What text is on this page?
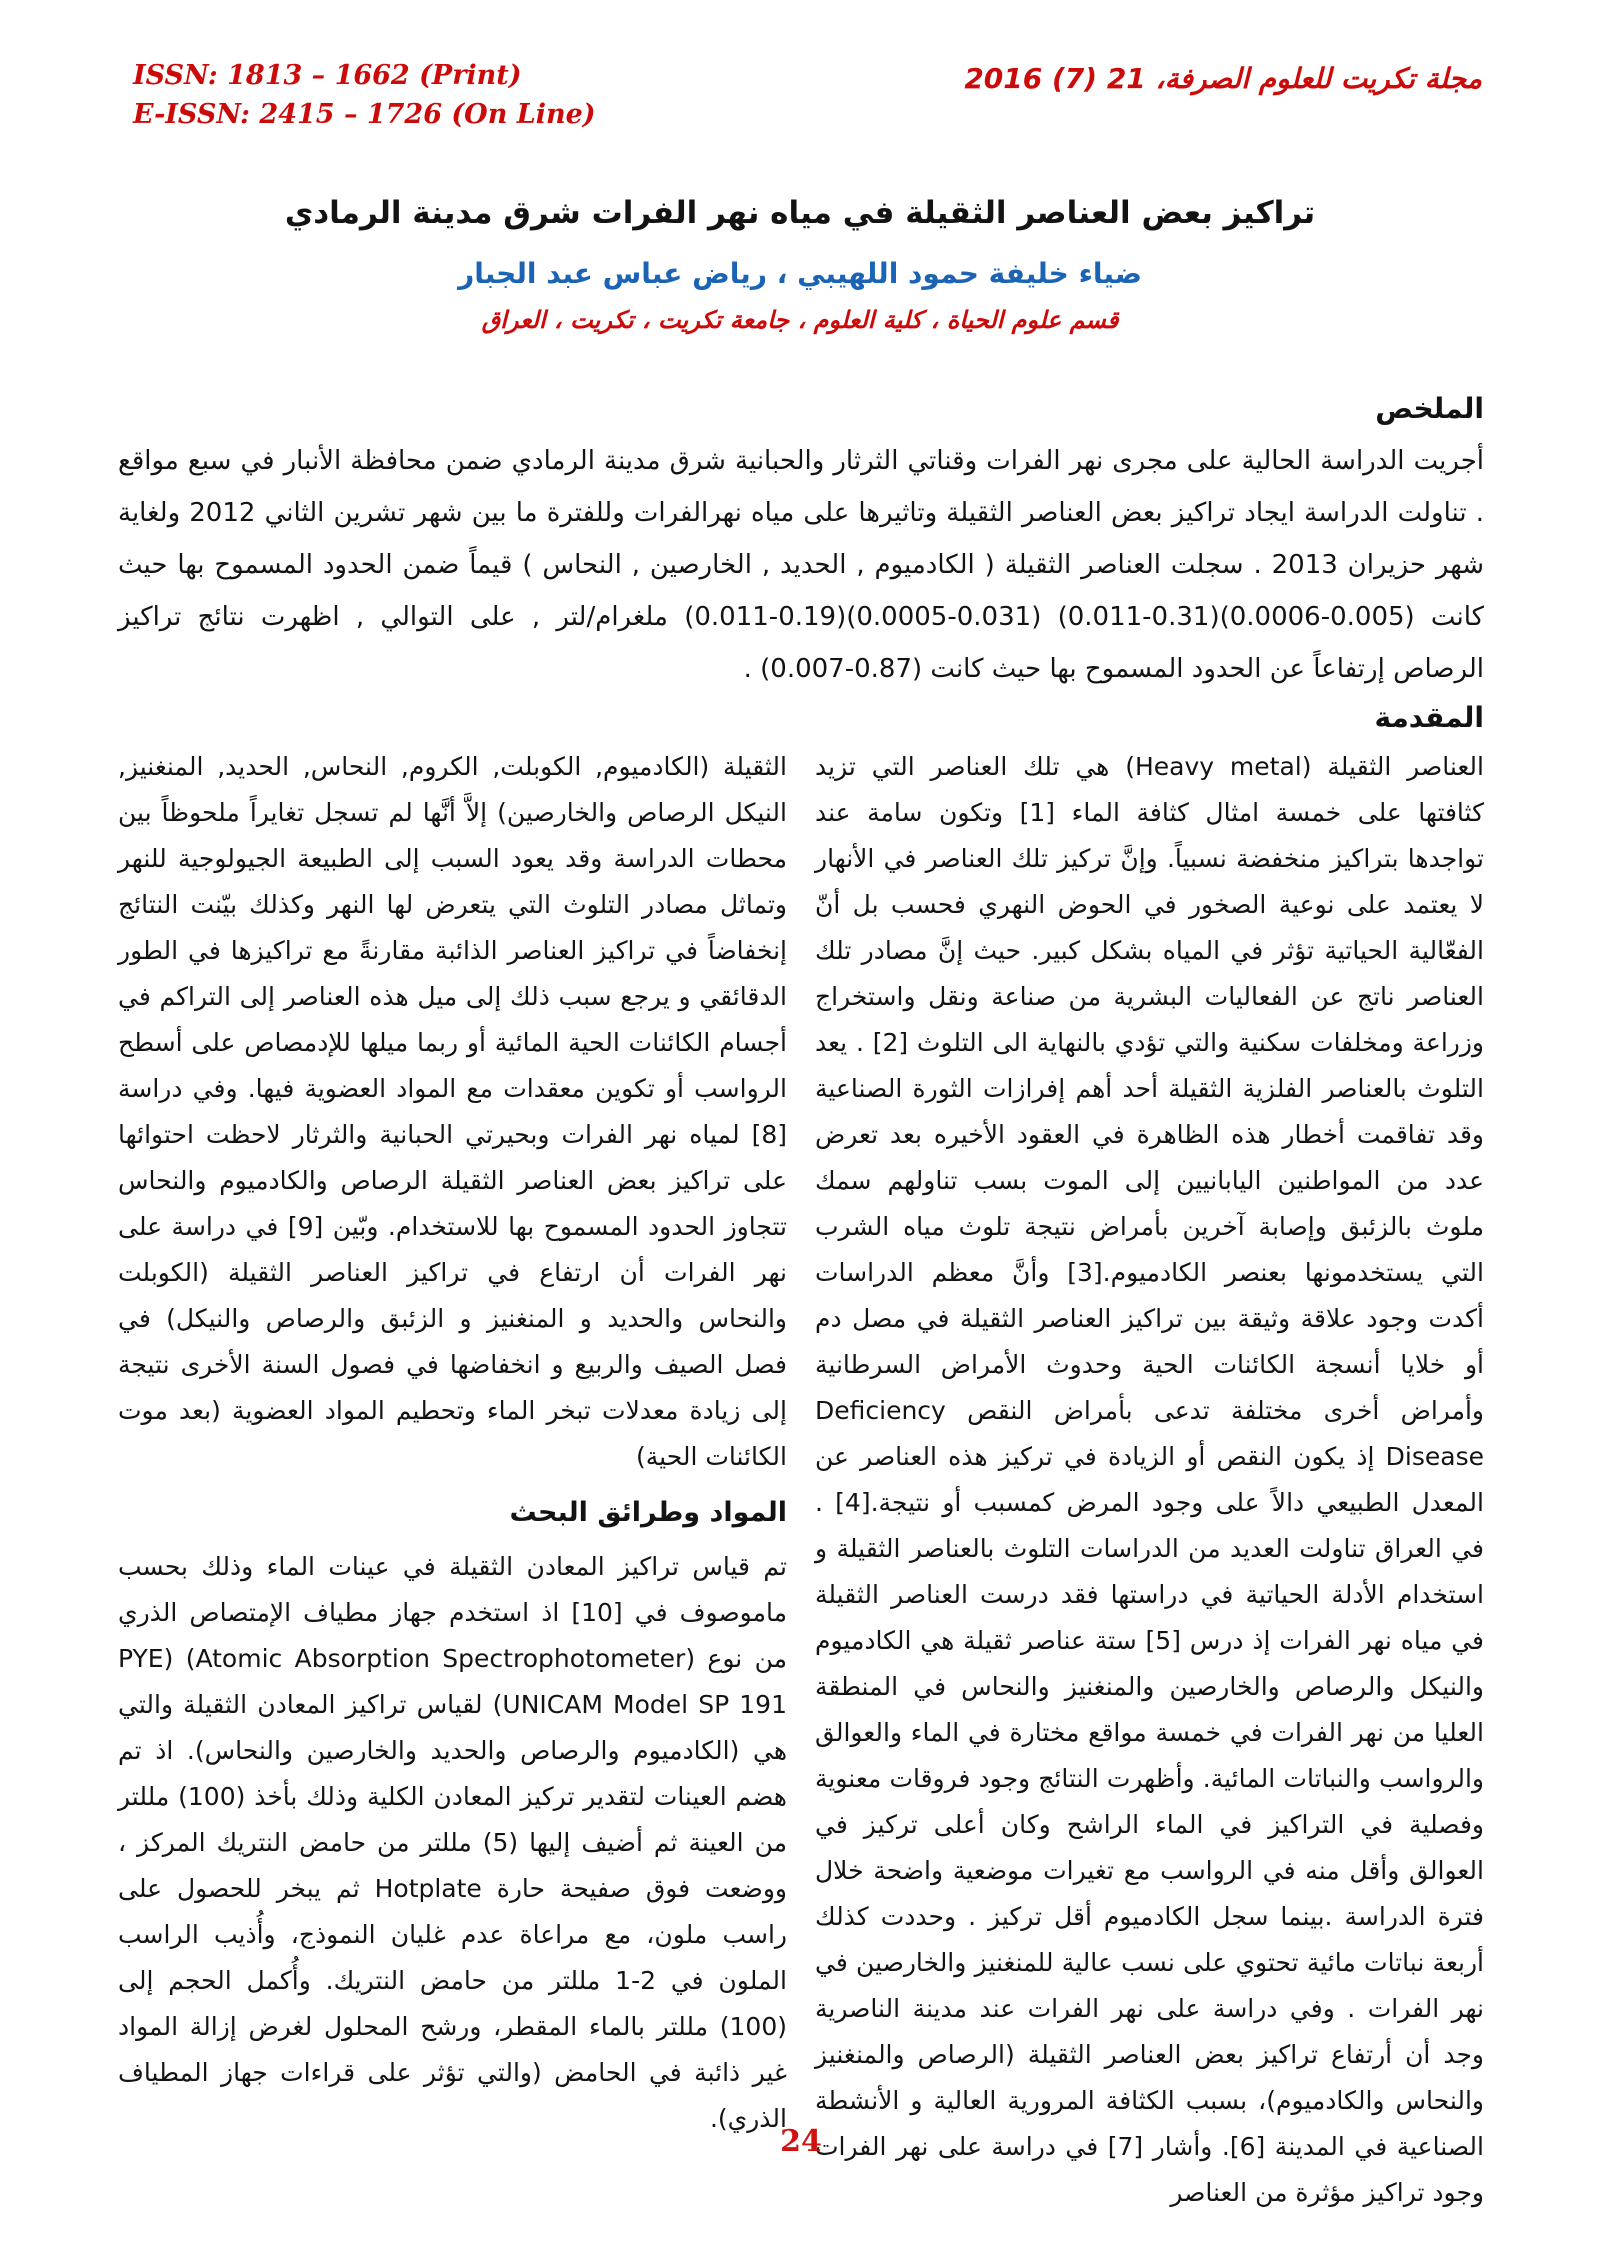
ISSN: 1813 – 1662 (Print)
E-ISSN: 2415 – 1726 (On Line)
مجلة تكريت للعلوم الصرفة، 21 (7) 2016
تراكيز بعض العناصر الثقيلة في مياه نهر الفرات شرق مدينة الرمادي
ضياء خليفة حمود اللهيبي ، رياض عباس عبد الجبار
قسم علوم الحياة ، كلية العلوم ، جامعة تكريت ، تكريت ، العراق
الملخص
أجريت الدراسة الحالية على مجرى نهر الفرات وقناتي الثرثار والحبانية شرق مدينة الرمادي ضمن محافظة الأنبار في سبع مواقع . تناولت الدراسة ايجاد تراكيز بعض العناصر الثقيلة وتاثيرها على مياه نهرالفرات وللفترة ما بين شهر تشرين الثاني 2012 ولغاية شهر حزيران 2013 . سجلت العناصر الثقيلة ( الكادميوم , الحديد , الخارصين , النحاس ) قيماً ضمن الحدود المسموح بها حيث كانت (0.005-0.0006)(0.31-0.011) (0.031-0.0005)(0.19-0.011) ملغرام/لتر , على التوالي , اظهرت نتائج تراكيز الرصاص إرتفاعاً عن الحدود المسموح بها حيث كانت (0.87-0.007) .
المقدمة
العناصر الثقيلة (Heavy metal) هي تلك العناصر التي تزيد كثافتها على خمسة امثال كثافة الماء [1] وتكون سامة عند تواجدها بتراكيز منخفضة نسبياً. وإنَّ تركيز تلك العناصر في الأنهار لا يعتمد على نوعية الصخور في الحوض النهري فحسب بل أنّ الفعّالية الحياتية تؤثر في المياه بشكل كبير. حيث إنَّ مصادر تلك العناصر ناتج عن الفعاليات البشرية من صناعة ونقل واستخراج وزراعة ومخلفات سكنية والتي تؤدي بالنهاية الى التلوث [2] . يعد التلوث بالعناصر الفلزية الثقيلة أحد أهم إفرازات الثورة الصناعية وقد تفاقمت أخطار هذه الظاهرة في العقود الأخيره بعد تعرض عدد من المواطنين اليابانيين إلى الموت بسب تناولهم سمك ملوث بالزئبق وإصابة آخرين بأمراض نتيجة تلوث مياه الشرب التي يستخدمونها بعنصر الكادميوم.[3] وأنَّ معظم الدراسات أكدت وجود علاقة وثيقة بين تراكيز العناصر الثقيلة في مصل دم أو خلايا أنسجة الكائنات الحية وحدوث الأمراض السرطانية وأمراض أخرى مختلفة تدعى بأمراض النقص Deficiency Disease إذ يكون النقص أو الزيادة في تركيز هذه العناصر عن المعدل الطبيعي دالاً على وجود المرض كمسبب أو نتيجة.[4] . في العراق تناولت العديد من الدراسات التلوث بالعناصر الثقيلة و استخدام الأدلة الحياتية في دراستها فقد درست العناصر الثقيلة في مياه نهر الفرات إذ درس [5] ستة عناصر ثقيلة هي الكادميوم والنيكل والرصاص والخارصين والمنغنيز والنحاس في المنطقة العليا من نهر الفرات في خمسة مواقع مختارة في الماء والعوالق والرواسب والنباتات المائية. وأظهرت النتائج وجود فروقات معنوية وفصلية في التراكيز في الماء الراشح وكان أعلى تركيز في العوالق وأقل منه في الرواسب مع تغيرات موضعية واضحة خلال فترة الدراسة .بينما سجل الكادميوم أقل تركيز . وحددت كذلك أربعة نباتات مائية تحتوي على نسب عالية للمنغنيز والخارصين في نهر الفرات . وفي دراسة على نهر الفرات عند مدينة الناصرية وجد أن أرتفاع تراكيز بعض العناصر الثقيلة (الرصاص والمنغنيز والنحاس والكادميوم)، بسبب الكثافة المرورية العالية و الأنشطة الصناعية في المدينة [6]. وأشار [7] في دراسة على نهر الفرات وجود تراكيز مؤثرة من العناصر
الثقيلة (الكادميوم, الكوبلت, الكروم, النحاس, الحديد, المنغنيز, النيكل الرصاص والخارصين) إلاَّ أنَّها لم تسجل تغايراً ملحوظاً بين محطات الدراسة وقد يعود السبب إلى الطبيعة الجيولوجية للنهر وتماثل مصادر التلوث التي يتعرض لها النهر وكذلك بيّنت النتائج إنخفاضاً في تراكيز العناصر الذائبة مقارنةً مع تراكيزها في الطور الدقائقي و يرجع سبب ذلك إلى ميل هذه العناصر إلى التراكم في أجسام الكائنات الحية المائية أو ربما ميلها للإدمصاص على أسطح الرواسب أو تكوين معقدات مع المواد العضوية فيها. وفي دراسة [8] لمياه نهر الفرات وبحيرتي الحبانية والثرثار لاحظت احتوائها على تراكيز بعض العناصر الثقيلة الرصاص والكادميوم والنحاس تتجاوز الحدود المسموح بها للاستخدام. وبّين [9] في دراسة على نهر الفرات أن ارتفاع في تراكيز العناصر الثقيلة (الكوبلت والنحاس والحديد و المنغنيز و الزئبق والرصاص والنيكل) في فصل الصيف والربيع و انخفاضها في فصول السنة الأخرى نتيجة إلى زيادة معدلات تبخر الماء وتحطيم المواد العضوية (بعد موت الكائنات الحية)
المواد وطرائق البحث
تم قياس تراكيز المعادن الثقيلة في عينات الماء وذلك بحسب ماموصوف في [10] اذ استخدم جهاز مطياف الإمتصاص الذري من نوع (Atomic Absorption Spectrophotometer) (PYE UNICAM Model SP 191) لقياس تراكيز المعادن الثقيلة والتي هي (الكادميوم والرصاص والحديد والخارصين والنحاس). اذ تم هضم العينات لتقدير تركيز المعادن الكلية وذلك بأخذ (100) مللتر من العينة ثم أضيف إليها (5) مللتر من حامض النتريك المركز ، ووضعت فوق صفيحة حارة Hotplate ثم يبخر للحصول على راسب ملون، مع مراعاة عدم غليان النموذج، وأُذيب الراسب الملون في 2-1 مللتر من حامض النتريك. وأُكمل الحجم إلى (100) مللتر بالماء المقطر، ورشح المحلول لغرض إزالة المواد غير ذائبة في الحامض (والتي تؤثر على قراءات جهاز المطياف الذري).
24
